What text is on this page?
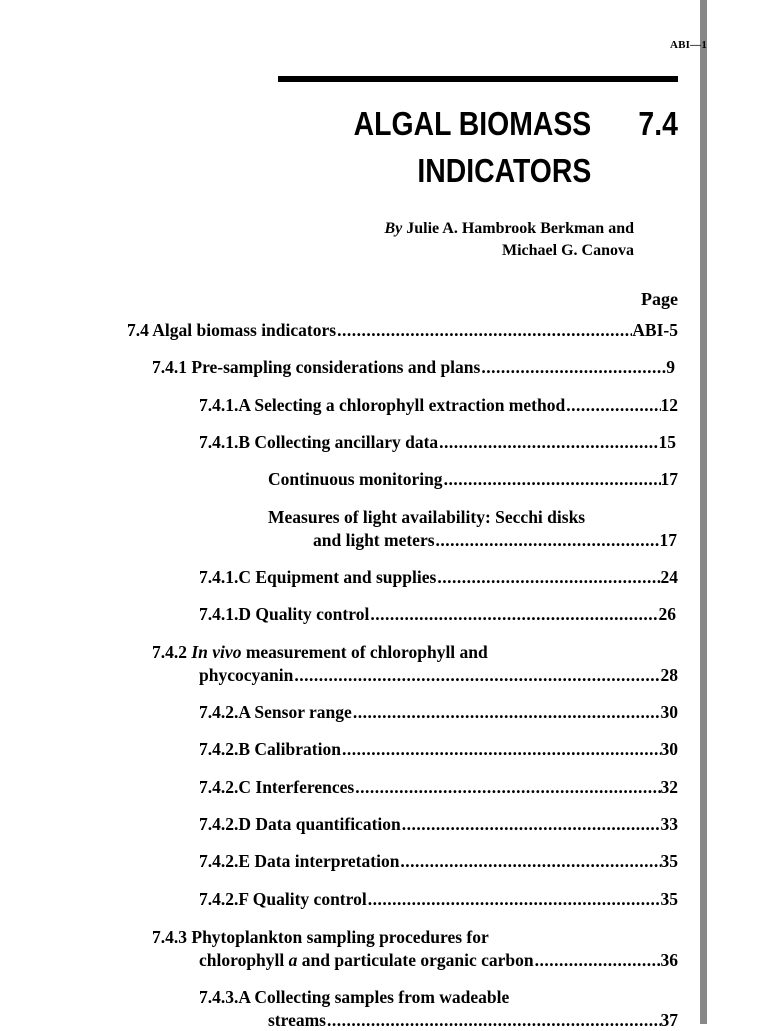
ABI—1
ALGAL BIOMASS
INDICATORS
7.4
By Julie A. Hambrook Berkman and
Michael G. Canova
Page
7.4 Algal biomass indicators .....	ABI-5
7.4.1 Pre-sampling considerations and plans .....	9
7.4.1.A Selecting a chlorophyll extraction method .....	12
7.4.1.B Collecting ancillary data .....	15
Continuous monitoring .....	17
Measures of light availability: Secchi disks
and light meters .....	17
7.4.1.C Equipment and supplies .....	24
7.4.1.D Quality control .....	26
7.4.2 In vivo measurement of chlorophyll and
phycocyanin .....	28
7.4.2.A Sensor range .....	30
7.4.2.B Calibration .....	30
7.4.2.C Interferences .....	32
7.4.2.D Data quantification .....	33
7.4.2.E Data interpretation .....	35
7.4.2.F Quality control .....	35
7.4.3 Phytoplankton sampling procedures for
chlorophyll a and particulate organic carbon .....	36
7.4.3.A Collecting samples from wadeable
streams .....	37
